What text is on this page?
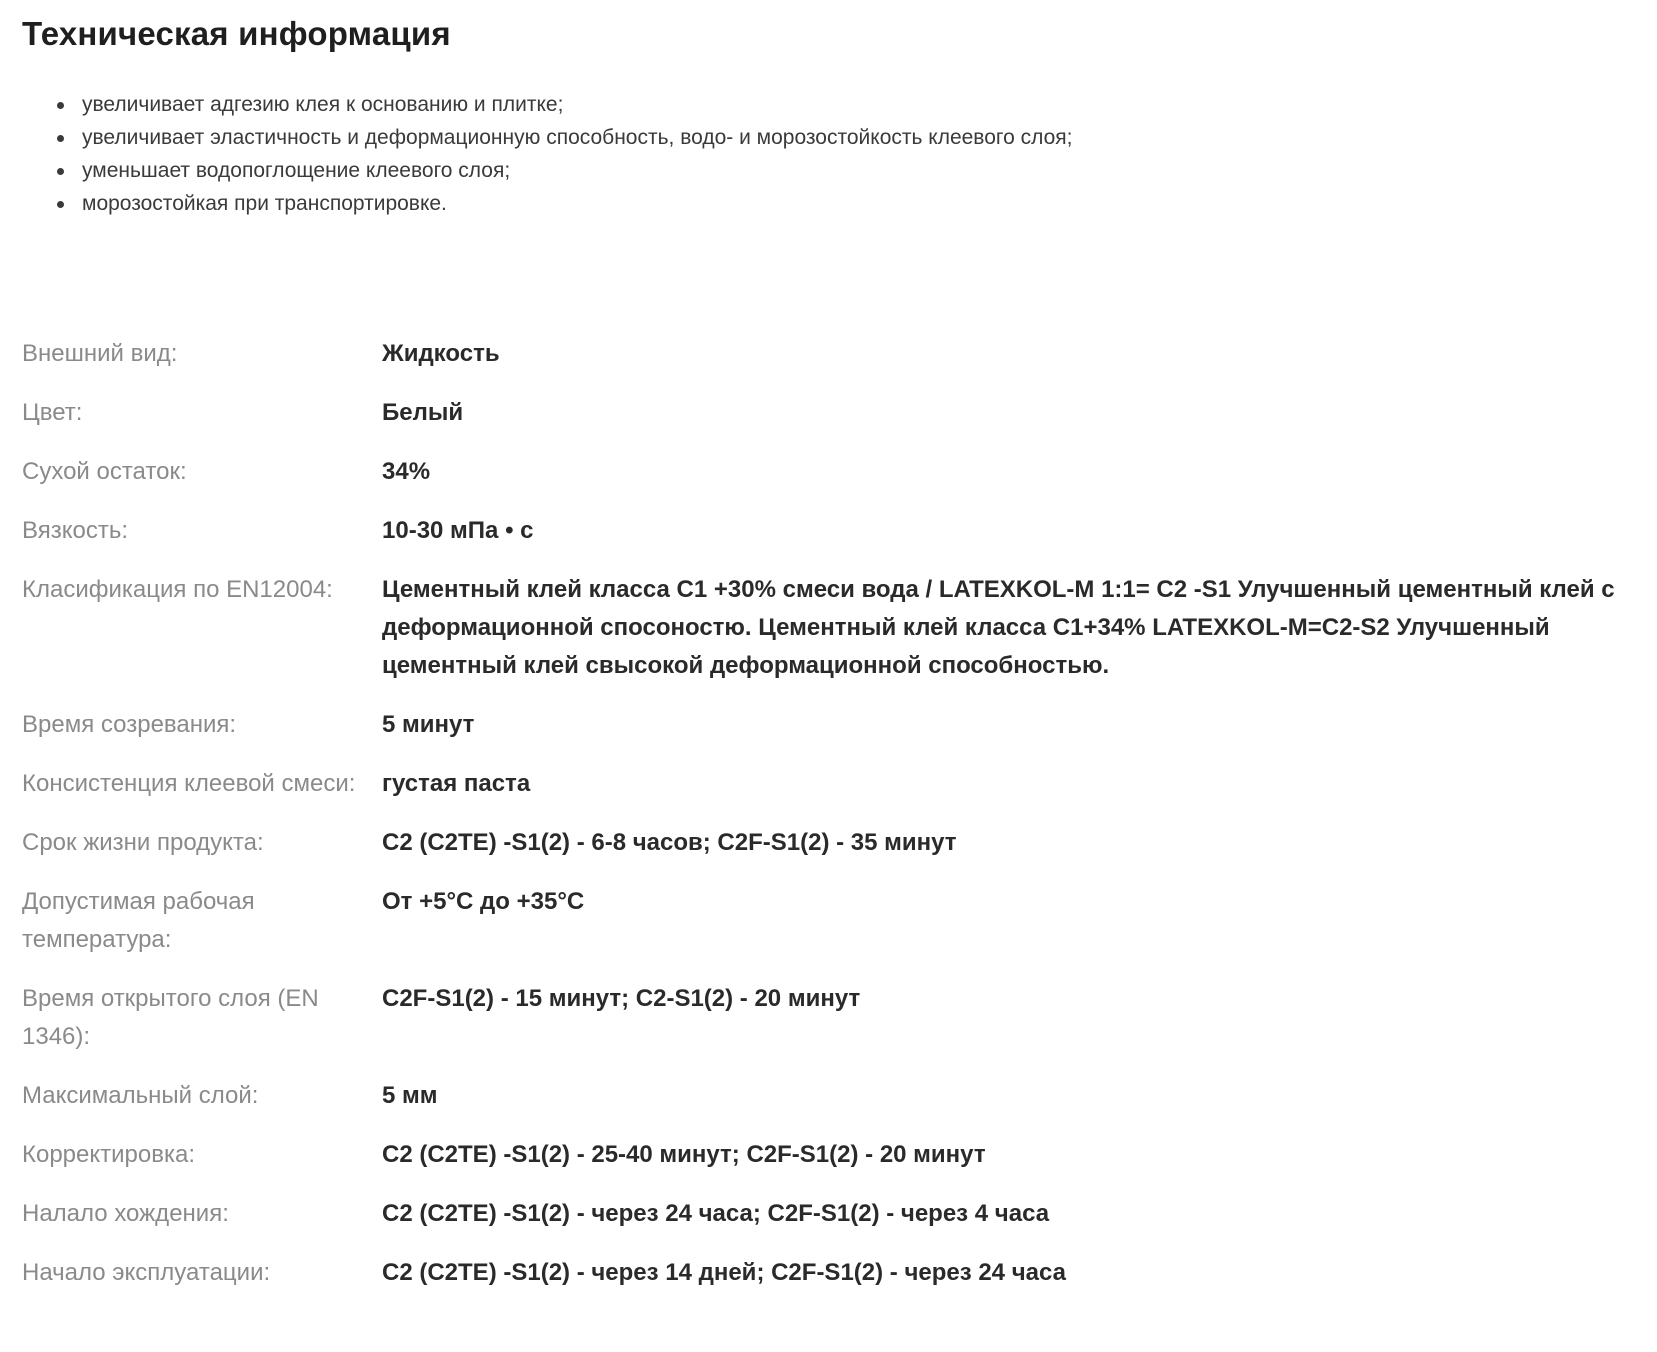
Техническая информация
увеличивает адгезию клея к основанию и плитке;
увеличивает эластичность и деформационную способность, водо- и морозостойкость клеевого слоя;
уменьшает водопоглощение клеевого слоя;
морозостойкая при транспортировке.
Внешний вид:	Жидкость
Цвет:	Белый
Сухой остаток:	34%
Вязкость:	10-30 мПа • с
Класификация по EN12004:	Цементный клей класса С1 +30% смеси вода / LATEXKOL-M 1:1= С2 -S1 Улучшенный цементный клей с деформационной спосоностю. Цементный клей класса С1+34% LATEXKOL-M=C2-S2 Улучшенный цементный клей свысокой деформационной способностью.
Время созревания:	5 минут
Консистенция клеевой смеси:	густая паста
Срок жизни продукта:	С2 (С2ТЕ) -S1(2) - 6-8 часов; С2F-S1(2) - 35 минут
Допустимая рабочая температура:
От +5°С до +35°С
Время открытого слоя (EN 1346):
С2F-S1(2) - 15 минут; С2-S1(2) - 20 минут
Максимальный слой:	5 мм
Корректировка:	С2 (С2ТЕ) -S1(2) - 25-40 минут; С2F-S1(2) - 20 минут
Налало хождения:	С2 (С2ТЕ) -S1(2) - через 24 часа; С2F-S1(2) - через 4 часа
Начало эксплуатации:	С2 (С2ТЕ) -S1(2) - через 14 дней; С2F-S1(2) - через 24 часа
